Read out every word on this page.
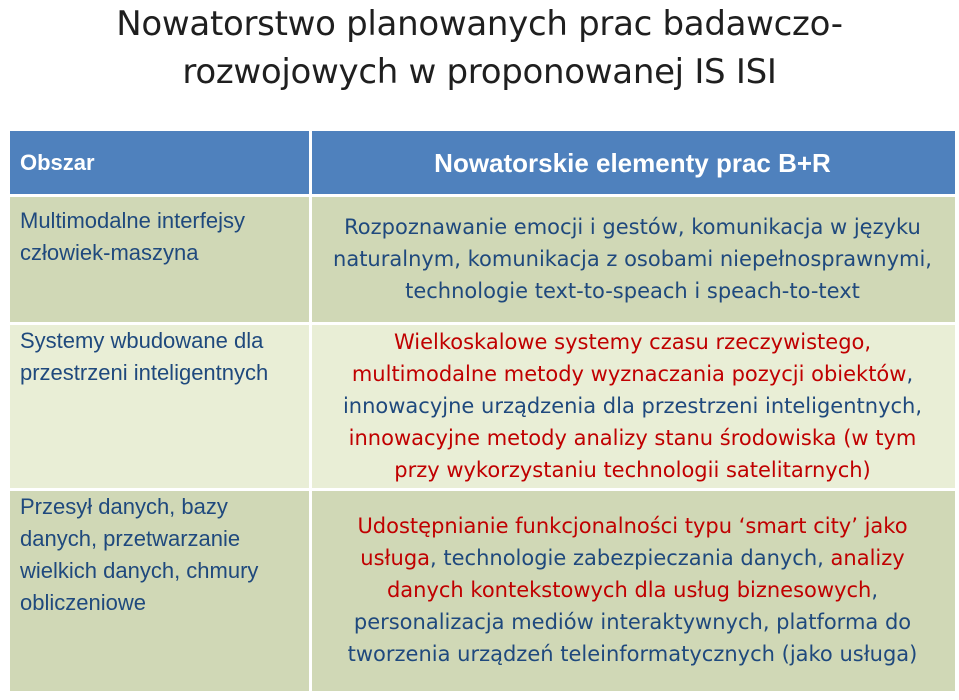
Nowatorstwo planowanych prac badawczo-
rozwojowych w proponowanej IS ISI
Obszar	Nowatorskie elementy prac B+R
Multimodalne interfejsy człowiek-maszyna
Rozpoznawanie emocji i gestów, komunikacja w języku naturalnym, komunikacja z osobami niepełnosprawnymi, technologie text-to-speach i speach-to-text
Systemy wbudowane dla przestrzeni inteligentnych
Wielkoskalowe systemy czasu rzeczywistego, multimodalne metody wyznaczania pozycji obiektów, innowacyjne urządzenia dla przestrzeni inteligentnych, innowacyjne metody analizy stanu środowiska (w tym przy wykorzystaniu technologii satelitarnych)
Przesył danych, bazy danych, przetwarzanie wielkich danych, chmury obliczeniowe
Udostępnianie funkcjonalności typu ‘smart city’ jako usługa, technologie zabezpieczania danych, analizy danych kontekstowych dla usług biznesowych, personalizacja mediów interaktywnych, platforma do tworzenia urządzeń teleinformatycznych (jako usługa)
